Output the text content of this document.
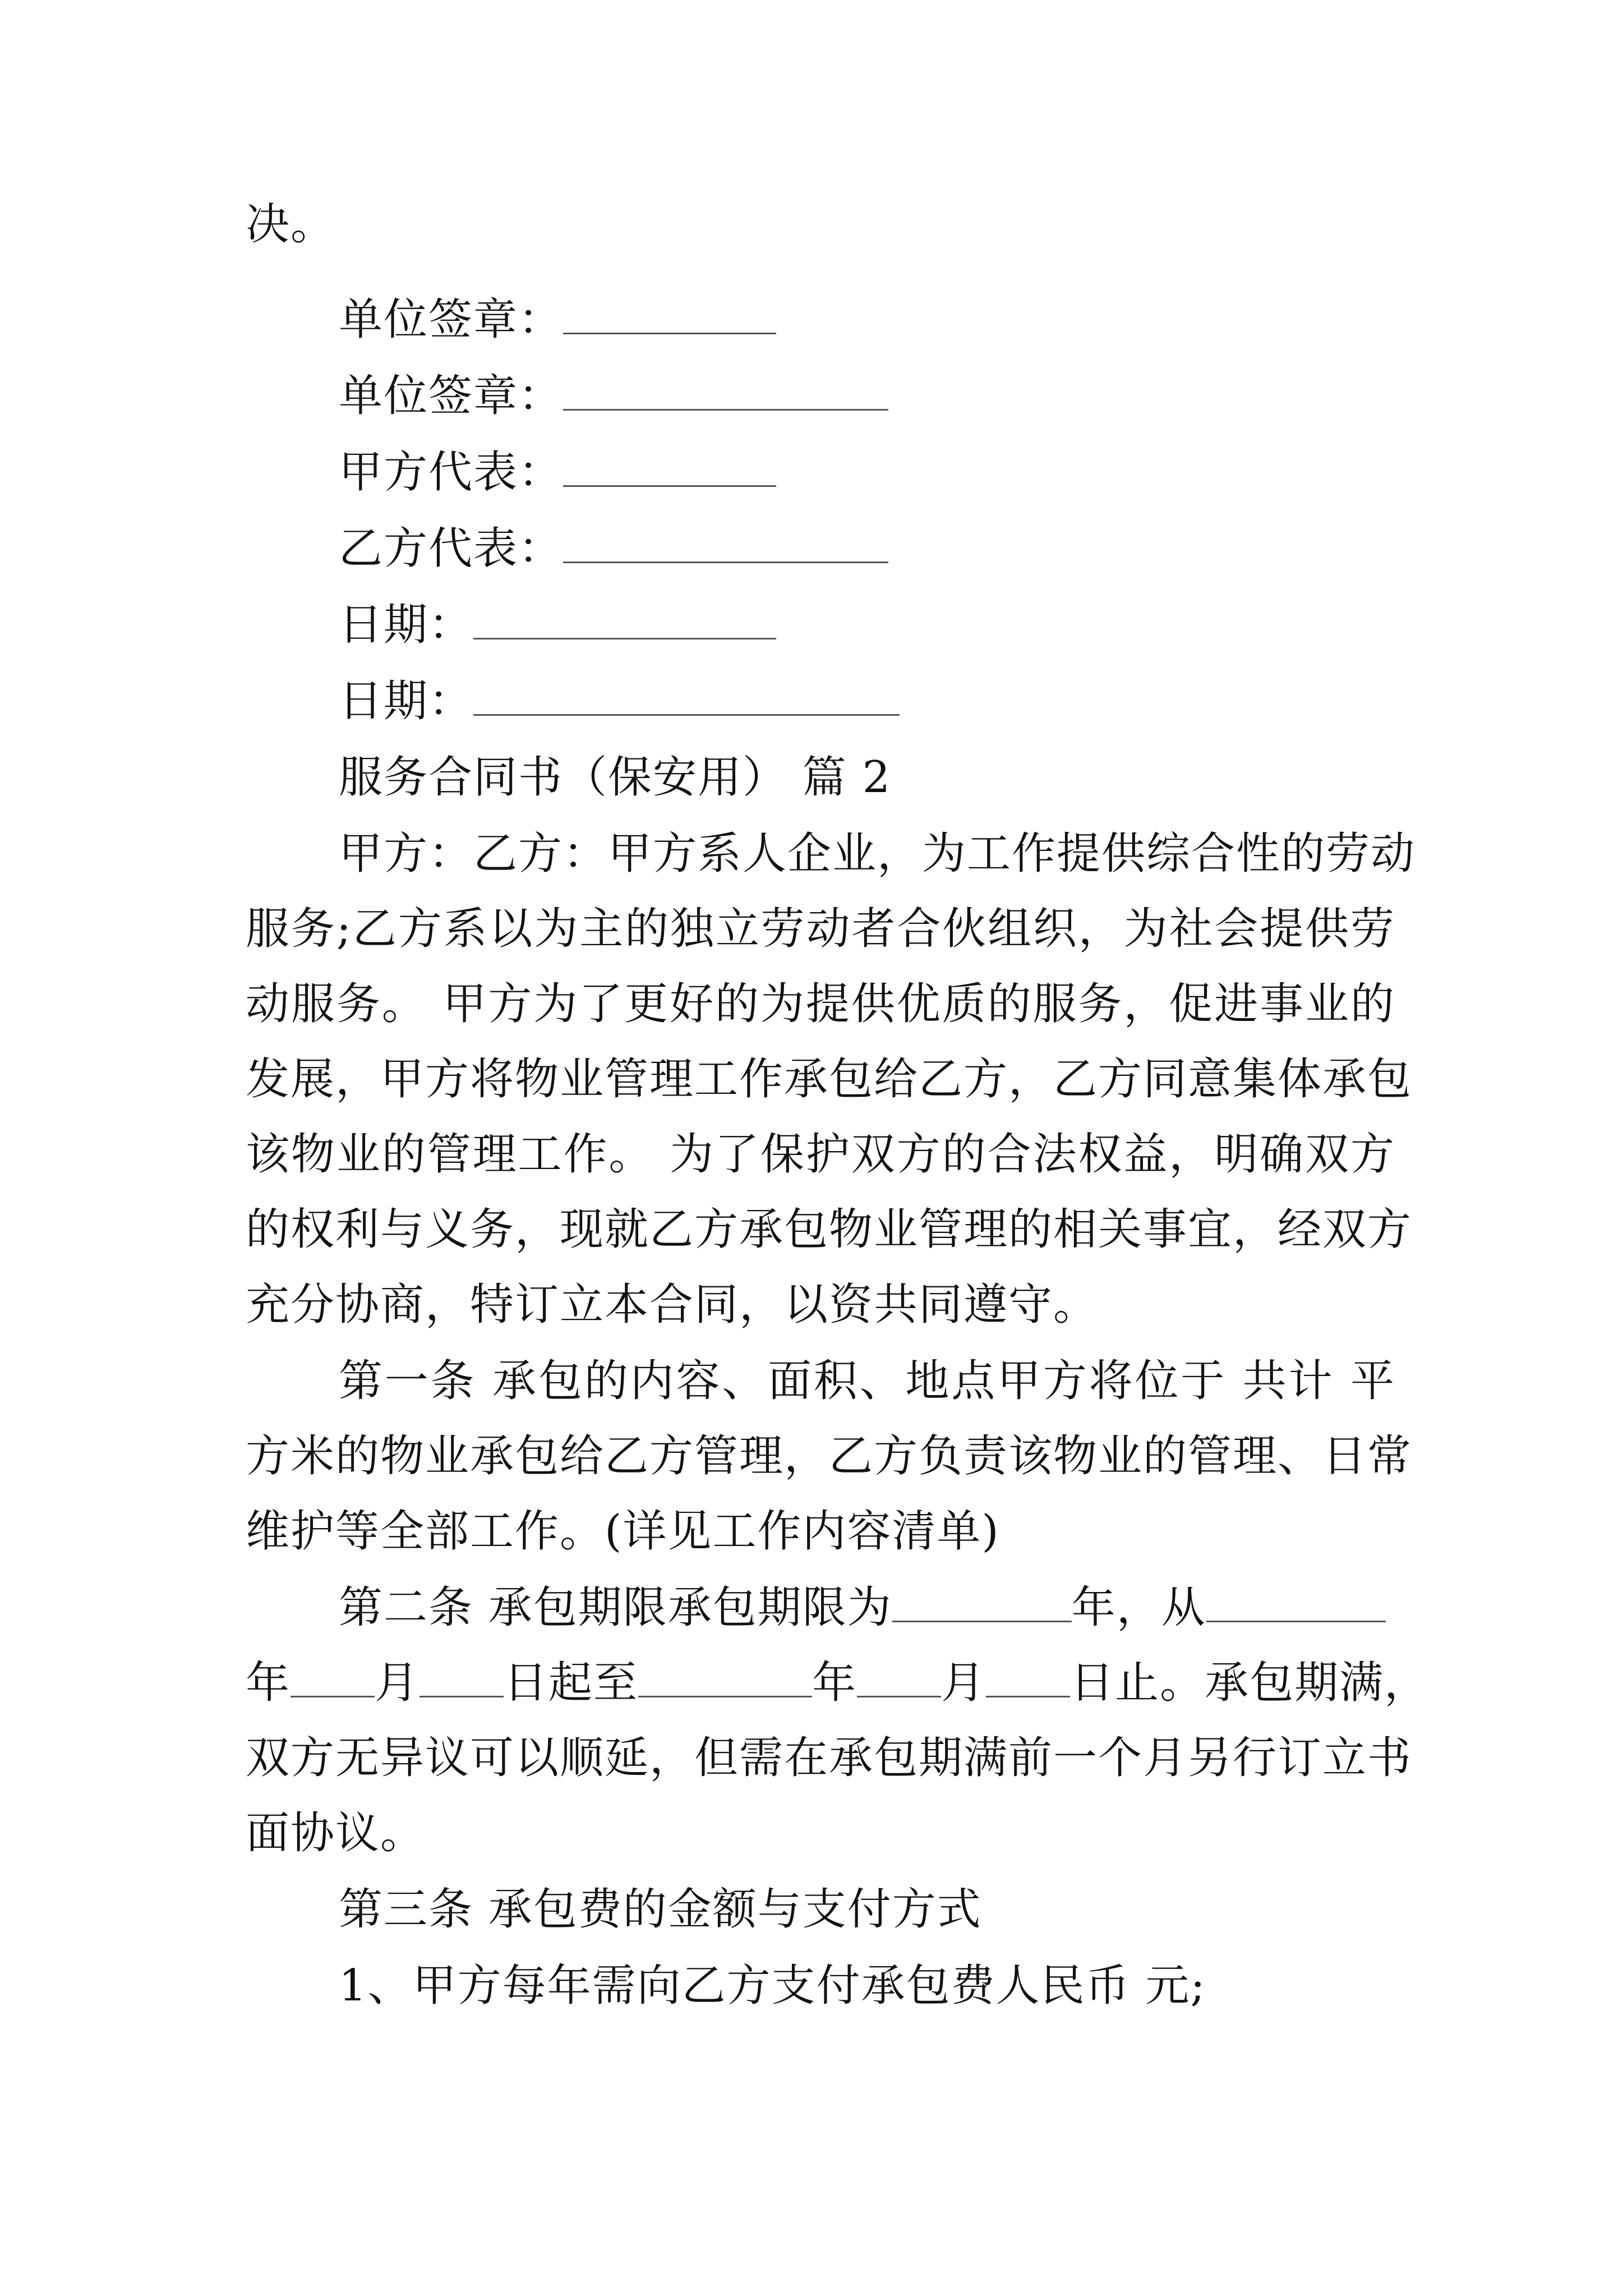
决。
单位签章：
单位签章：
甲方代表：
乙方代表：
日期：
日期：
服务合同书（保安用） 篇 2
甲方：乙方：甲方系人企业，为工作提供综合性的劳动
服务;乙方系以为主的独立劳动者合伙组织，为社会提供劳
动服务。 甲方为了更好的为提供优质的服务，促进事业的
发展，甲方将物业管理工作承包给乙方，乙方同意集体承包
该物业的管理工作。 为了保护双方的合法权益，明确双方
的权利与义务，现就乙方承包物业管理的相关事宜，经双方
充分协商，特订立本合同，以资共同遵守。
第一条 承包的内容、面积、地点甲方将位于 共计 平
方米的物业承包给乙方管理，乙方负责该物业的管理、日常
维护等全部工作。(详见工作内容清单)
第二条 承包期限承包期限为	年，从
年 月 日起至	年 月 日止。承包期满，
双方无异议可以顺延，但需在承包期满前一个月另行订立书
面协议。
第三条 承包费的金额与支付方式
1、甲方每年需向乙方支付承包费人民币 元;
